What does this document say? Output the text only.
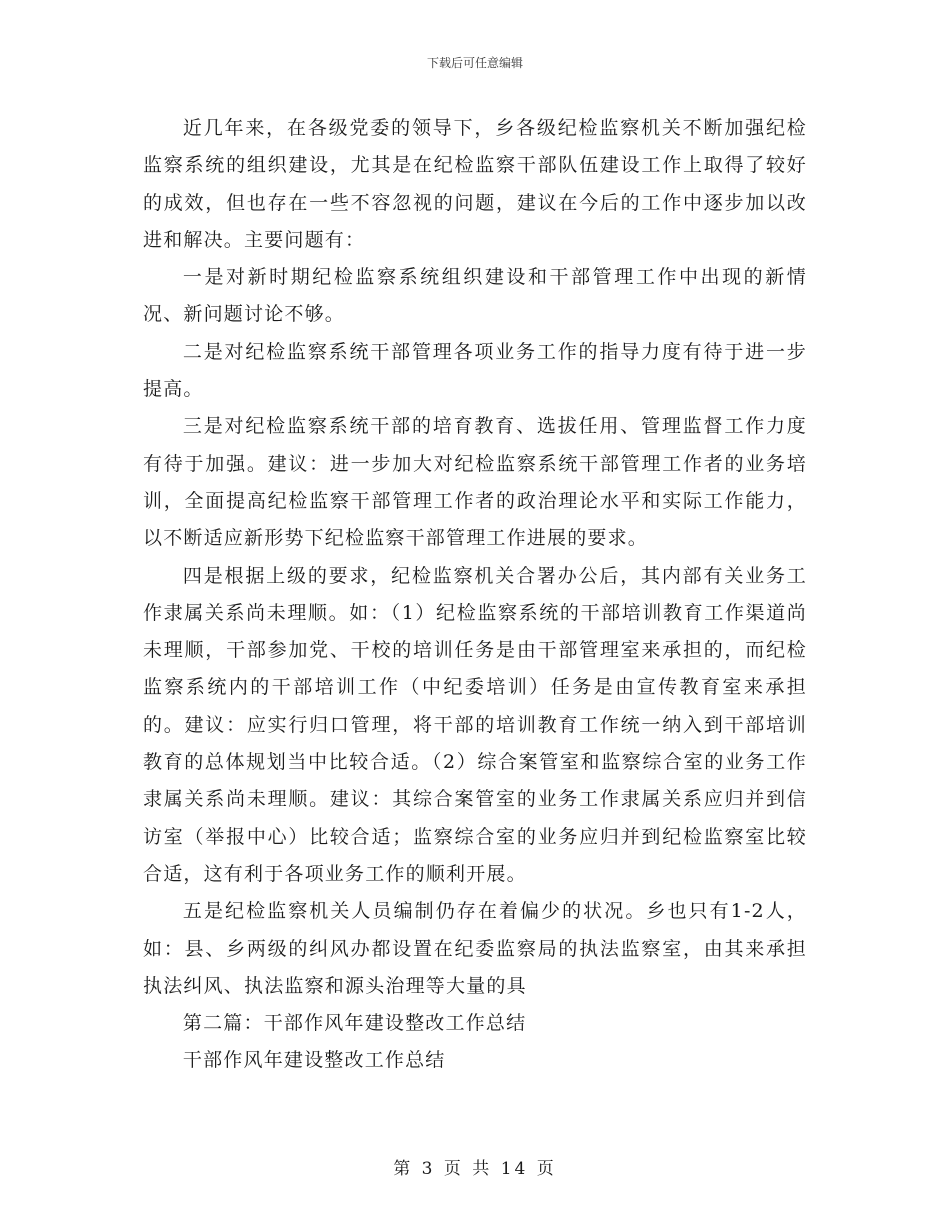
下载后可任意编辑

近几年来，在各级党委的领导下，乡各级纪检监察机关不断加强纪检监察系统的组织建设，尤其是在纪检监察干部队伍建设工作上取得了较好的成效，但也存在一些不容忽视的问题，建议在今后的工作中逐步加以改进和解决。主要问题有：

一是对新时期纪检监察系统组织建设和干部管理工作中出现的新情况、新问题讨论不够。

二是对纪检监察系统干部管理各项业务工作的指导力度有待于进一步提高。

三是对纪检监察系统干部的培育教育、选拔任用、管理监督工作力度有待于加强。建议：进一步加大对纪检监察系统干部管理工作者的业务培训，全面提高纪检监察干部管理工作者的政治理论水平和实际工作能力，以不断适应新形势下纪检监察干部管理工作进展的要求。

四是根据上级的要求，纪检监察机关合署办公后，其内部有关业务工作隶属关系尚未理顺。如：（1）纪检监察系统的干部培训教育工作渠道尚未理顺，干部参加党、干校的培训任务是由干部管理室来承担的，而纪检监察系统内的干部培训工作（中纪委培训）任务是由宣传教育室来承担的。建议：应实行归口管理，将干部的培训教育工作统一纳入到干部培训教育的总体规划当中比较合适。（2）综合案管室和监察综合室的业务工作隶属关系尚未理顺。建议：其综合案管室的业务工作隶属关系应归并到信访室（举报中心）比较合适；监察综合室的业务应归并到纪检监察室比较合适，这有利于各项业务工作的顺利开展。

五是纪检监察机关人员编制仍存在着偏少的状况。乡也只有1-2人，如：县、乡两级的纠风办都设置在纪委监察局的执法监察室，由其来承担执法纠风、执法监察和源头治理等大量的具

第二篇：干部作风年建设整改工作总结

干部作风年建设整改工作总结

第 3 页 共 14 页
